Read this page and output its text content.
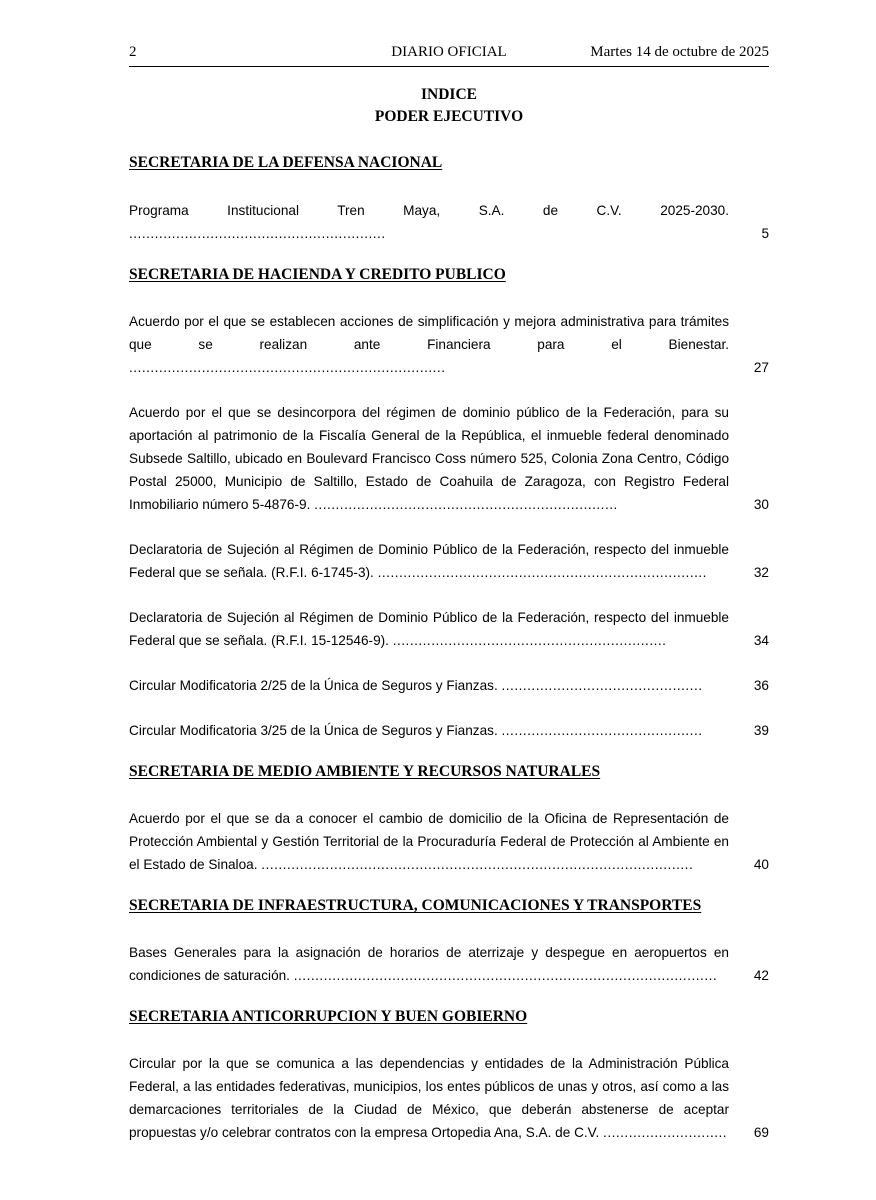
2	DIARIO OFICIAL	Martes 14 de octubre de 2025
INDICE
PODER EJECUTIVO
SECRETARIA DE LA DEFENSA NACIONAL
Programa Institucional Tren Maya, S.A. de C.V. 2025-2030. ............................................................	5
SECRETARIA DE HACIENDA Y CREDITO PUBLICO
Acuerdo por el que se establecen acciones de simplificación y mejora administrativa para trámites que se realizan ante Financiera para el Bienestar. ..........................................................................	27
Acuerdo por el que se desincorpora del régimen de dominio público de la Federación, para su aportación al patrimonio de la Fiscalía General de la República, el inmueble federal denominado Subsede Saltillo, ubicado en Boulevard Francisco Coss número 525, Colonia Zona Centro, Código Postal 25000, Municipio de Saltillo, Estado de Coahuila de Zaragoza, con Registro Federal Inmobiliario número 5-4876-9. .......................................................................	30
Declaratoria de Sujeción al Régimen de Dominio Público de la Federación, respecto del inmueble Federal que se señala. (R.F.I. 6-1745-3). .............................................................................	32
Declaratoria de Sujeción al Régimen de Dominio Público de la Federación, respecto del inmueble Federal que se señala. (R.F.I. 15-12546-9). ................................................................	34
Circular Modificatoria 2/25 de la Única de Seguros y Fianzas. ...............................................	36
Circular Modificatoria 3/25 de la Única de Seguros y Fianzas. ...............................................	39
SECRETARIA DE MEDIO AMBIENTE Y RECURSOS NATURALES
Acuerdo por el que se da a conocer el cambio de domicilio de la Oficina de Representación de Protección Ambiental y Gestión Territorial de la Procuraduría Federal de Protección al Ambiente en el Estado de Sinaloa. .....................................................................................................	40
SECRETARIA DE INFRAESTRUCTURA, COMUNICACIONES Y TRANSPORTES
Bases Generales para la asignación de horarios de aterrizaje y despegue en aeropuertos en condiciones de saturación. ...................................................................................................	42
SECRETARIA ANTICORRUPCION Y BUEN GOBIERNO
Circular por la que se comunica a las dependencias y entidades de la Administración Pública Federal, a las entidades federativas, municipios, los entes públicos de unas y otros, así como a las demarcaciones territoriales de la Ciudad de México, que deberán abstenerse de aceptar propuestas y/o celebrar contratos con la empresa Ortopedia Ana, S.A. de C.V. .............................	69
